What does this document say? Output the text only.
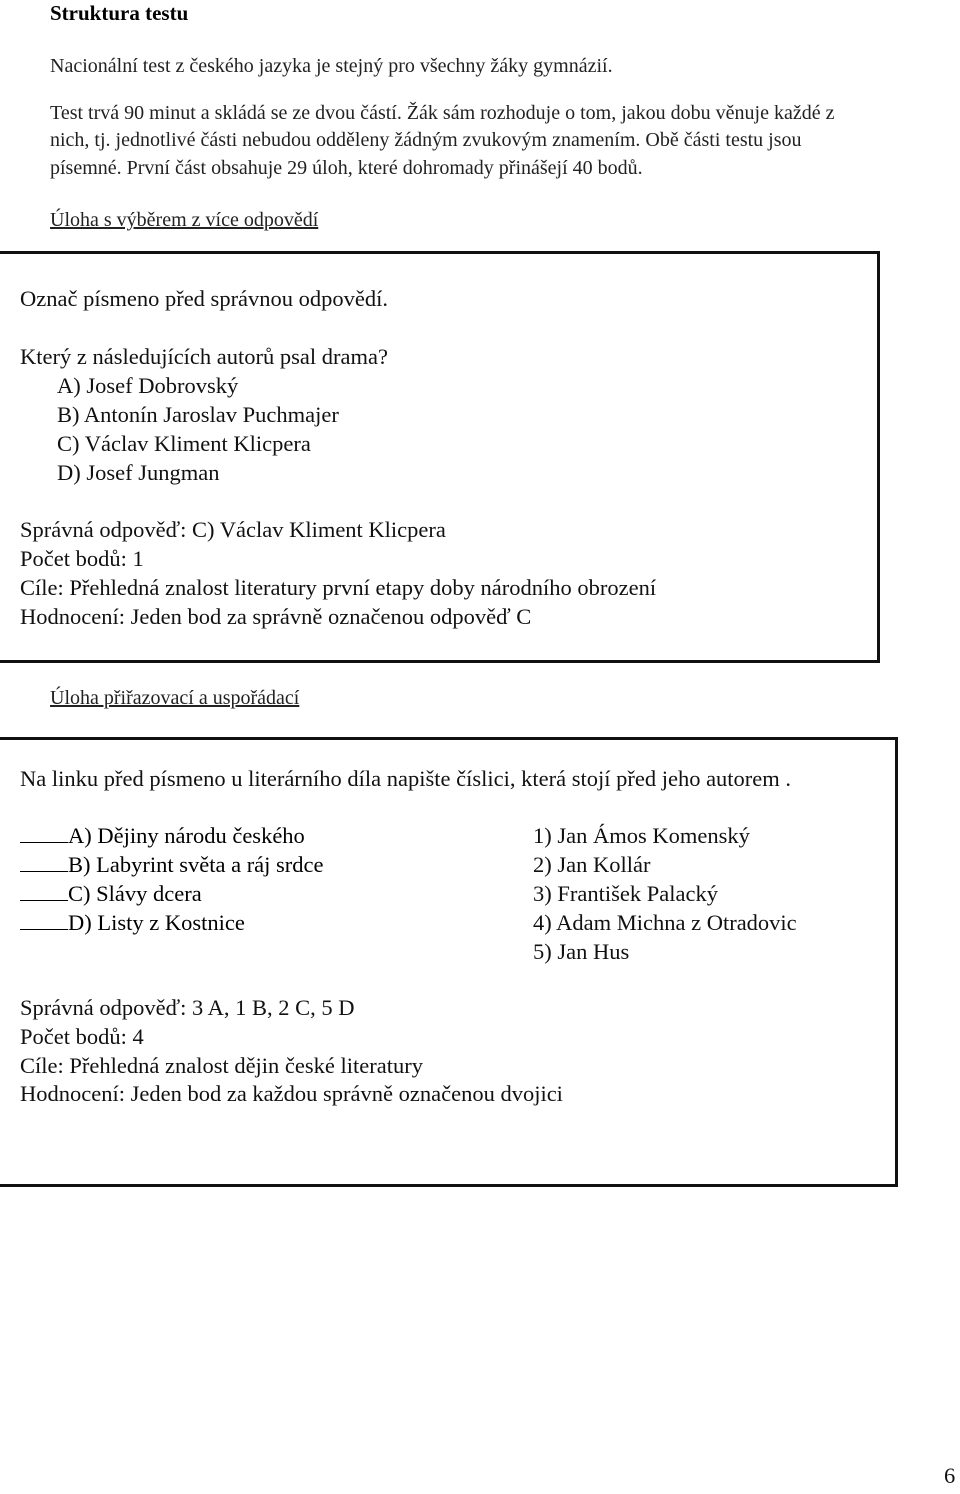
Struktura testu
Nacionální test z českého jazyka je stejný pro všechny žáky gymnázií.
Test trvá 90 minut a skládá se ze dvou částí. Žák sám rozhoduje o tom, jakou dobu věnuje každé z
nich, tj. jednotlivé části nebudou odděleny žádným zvukovým znamením. Obě části testu jsou
písemné. První část obsahuje 29 úloh, které dohromady přinášejí 40 bodů.
Úloha s výběrem z více odpovědí
Označ písmeno před správnou odpovědí.
Který z následujících autorů psal drama?
A) Josef Dobrovský
B) Antonín Jaroslav Puchmajer
C) Václav Kliment Klicpera
D) Josef Jungman
Správná odpověď: C) Václav Kliment Klicpera
Počet bodů: 1
Cíle: Přehledná znalost literatury první etapy doby národního obrození
Hodnocení: Jeden bod za správně označenou odpověď C
Úloha přiřazovací a uspořádací
Na linku před písmeno u literárního díla napište číslici, která stojí před jeho autorem .
A) Dějiny národu českého
B) Labyrint světa a ráj srdce
C) Slávy dcera
D) Listy z Kostnice
1) Jan Ámos Komenský
2) Jan Kollár
3) František Palacký
4) Adam Michna z Otradovic
5) Jan Hus
Správná odpověď: 3 A, 1 B, 2 C, 5 D
Počet bodů: 4
Cíle: Přehledná znalost dějin české literatury
Hodnocení: Jeden bod za každou správně označenou dvojici
6
